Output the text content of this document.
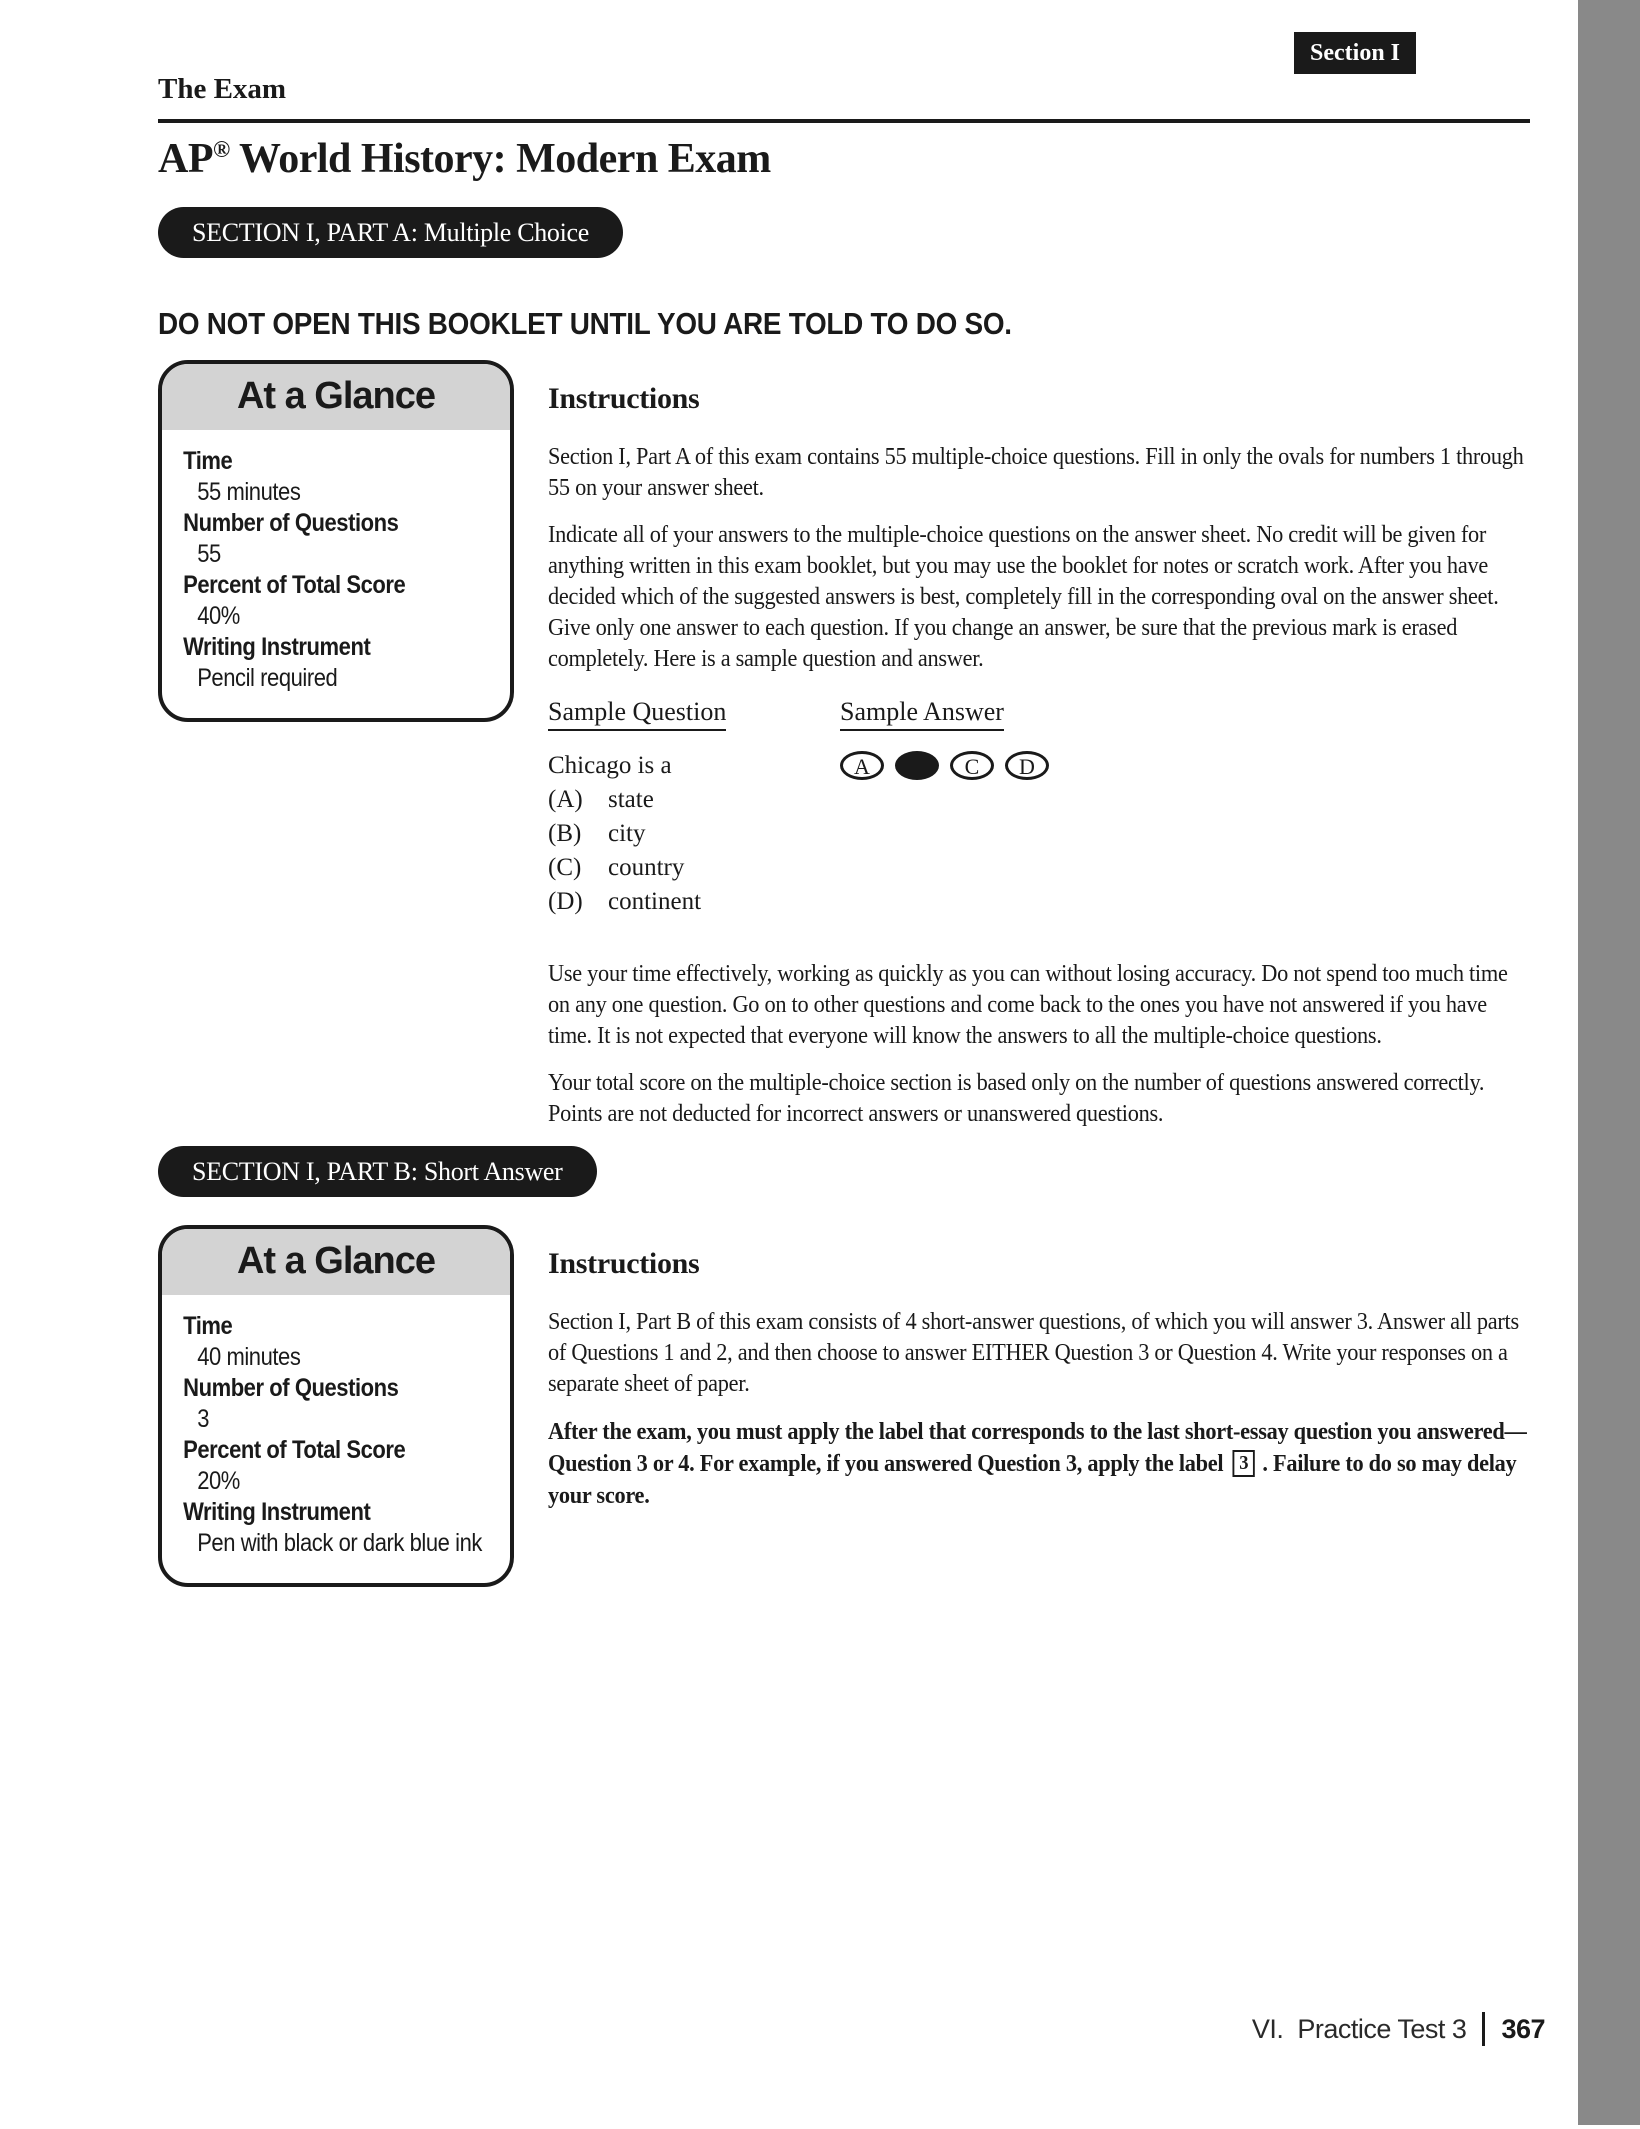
Section I
The Exam
AP® World History: Modern Exam
SECTION I, PART A: Multiple Choice
DO NOT OPEN THIS BOOKLET UNTIL YOU ARE TOLD TO DO SO.
At a Glance
Time
55 minutes
Number of Questions
55
Percent of Total Score
40%
Writing Instrument
Pencil required
Instructions

Section I, Part A of this exam contains 55 multiple-choice questions. Fill in only the ovals for numbers 1 through 55 on your answer sheet.

Indicate all of your answers to the multiple-choice questions on the answer sheet. No credit will be given for anything written in this exam booklet, but you may use the booklet for notes or scratch work. After you have decided which of the suggested answers is best, completely fill in the corresponding oval on the answer sheet. Give only one answer to each question. If you change an answer, be sure that the previous mark is erased completely. Here is a sample question and answer.

Sample Question
Chicago is a
(A) state
(B) city
(C) country
(D) continent
Sample Answer
A	C	D

Use your time effectively, working as quickly as you can without losing accuracy. Do not spend too much time on any one question. Go on to other questions and come back to the ones you have not answered if you have time. It is not expected that everyone will know the answers to all the multiple-choice questions.

Your total score on the multiple-choice section is based only on the number of questions answered correctly. Points are not deducted for incorrect answers or unanswered questions.

SECTION I, PART B: Short Answer
At a Glance
Time
40 minutes
Number of Questions
3
Percent of Total Score
20%
Writing Instrument
Pen with black or dark blue ink
Instructions

Section I, Part B of this exam consists of 4 short-answer questions, of which you will answer 3. Answer all parts of Questions 1 and 2, and then choose to answer EITHER Question 3 or Question 4. Write your responses on a separate sheet of paper.

After the exam, you must apply the label that corresponds to the last short-essay question you answered—Question 3 or 4. For example, if you answered Question 3, apply the label 3 . Failure to do so may delay your score.

VI. Practice Test 3 367
